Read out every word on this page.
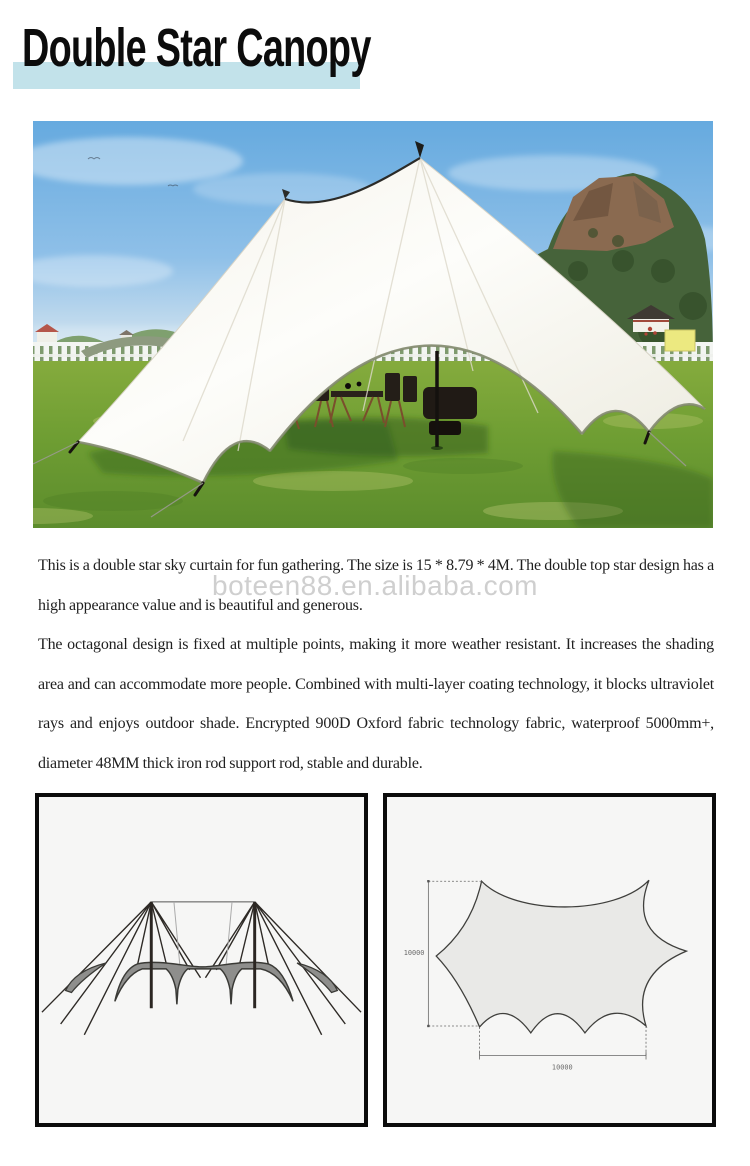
Double Star Canopy
boteen88.en.alibaba.com

This is a double star sky curtain for fun gathering. The size is 15 * 8.79 * 4M. The double top star design has a high appearance value and is beautiful and generous.

The octagonal design is fixed at multiple points, making it more weather resistant. It increases the shading area and can accommodate more people. Combined with multi-layer coating technology, it blocks ultraviolet rays and enjoys outdoor shade. Encrypted 900D Oxford fabric technology fabric, waterproof 5000mm+, diameter 48MM thick iron rod support rod, stable and durable.

10000
10000
